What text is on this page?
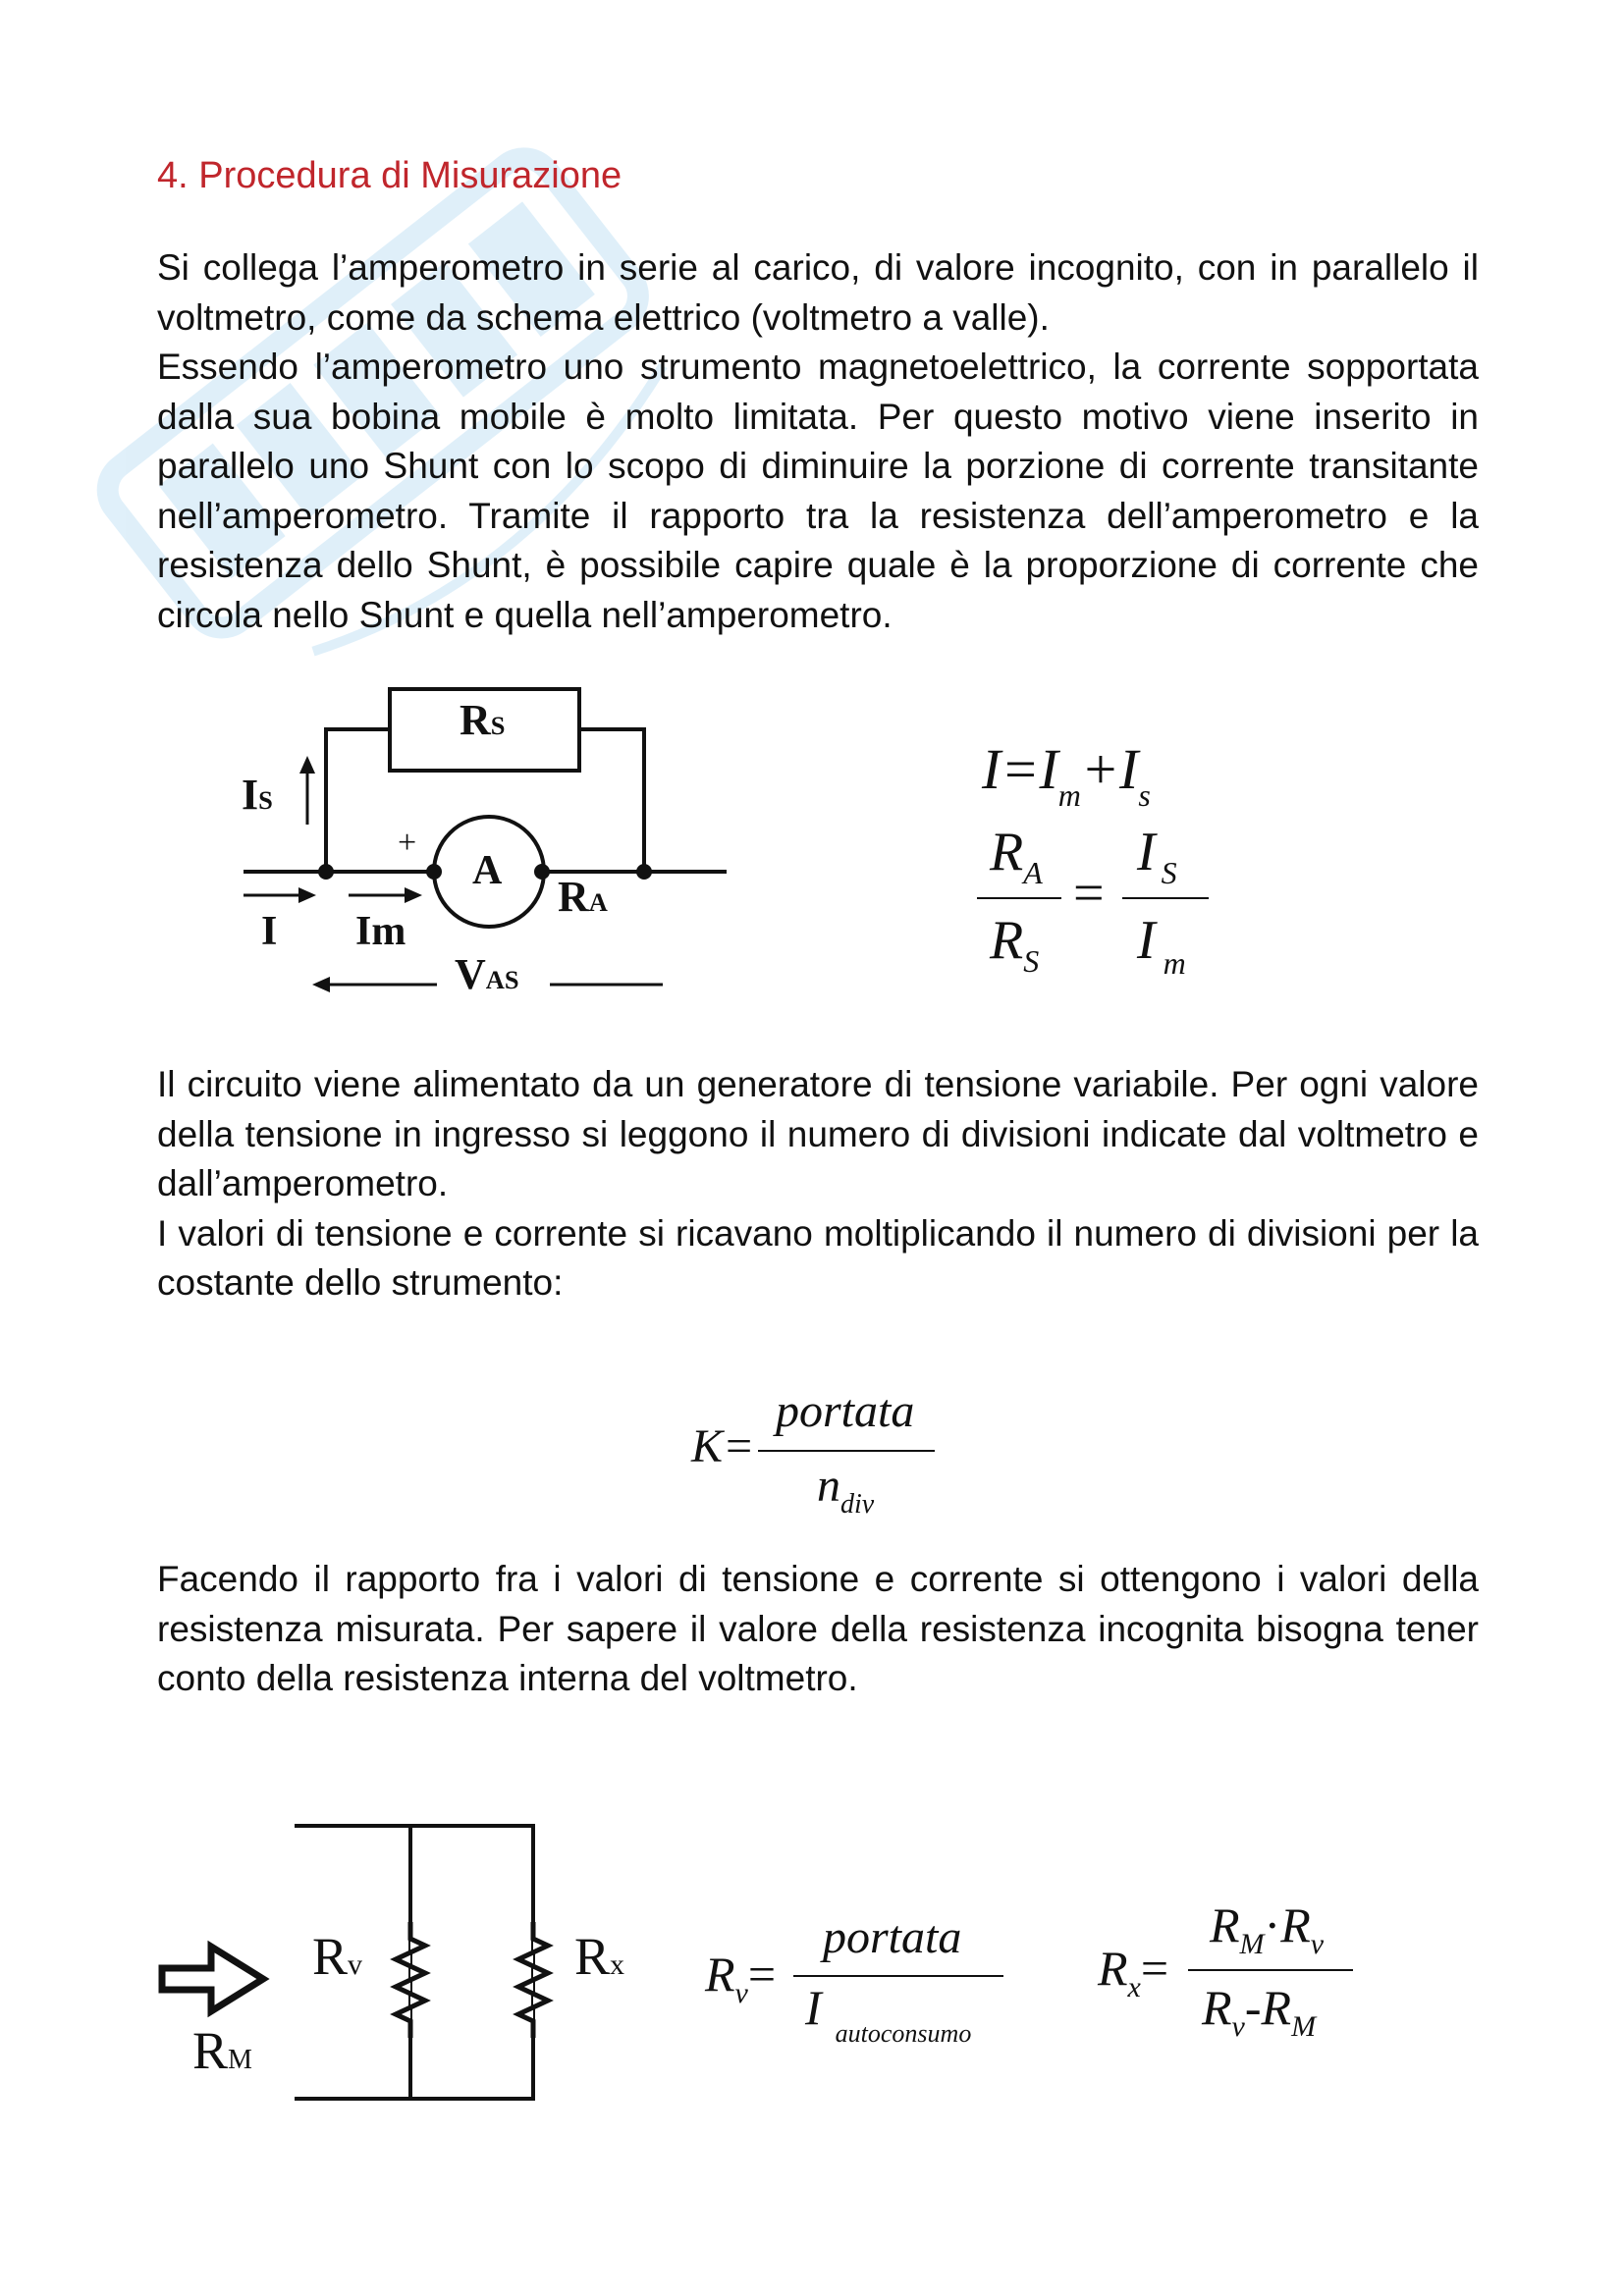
4. Procedura di Misurazione
Si collega l’amperometro in serie al carico, di valore incognito, con in parallelo il
voltmetro, come da schema elettrico (voltmetro a valle).
Essendo l’amperometro uno strumento magnetoelettrico, la corrente sopportata
dalla sua bobina mobile è molto limitata. Per questo motivo viene inserito in
parallelo uno Shunt con lo scopo di diminuire la porzione di corrente transitante
nell’amperometro. Tramite il rapporto tra la resistenza dell’amperometro e la
resistenza dello Shunt, è possibile capire quale è la proporzione di corrente che
circola nello Shunt e quella nell’amperometro.
RS
IS
+
A
RA
I Im
VAS
$I=I_m+I_s$
$R_A$
$R_S$
=
I $_S$
I $_m$
Il circuito viene alimentato da un generatore di tensione variabile. Per ogni valore
della tensione in ingresso si leggono il numero di divisioni indicate dal voltmetro e
dall’amperometro.
I valori di tensione e corrente si ricavano moltiplicando il numero di divisioni per la
costante dello strumento:
K=
portata
$n_{div}$
Facendo il rapporto fra i valori di tensione e corrente si ottengono i valori della
resistenza misurata. Per sapere il valore della resistenza incognita bisogna tener
conto della resistenza interna del voltmetro.
Rv	Rx
RM
$R_v=$
portata
I $_{autoconsumo}$
$R_x=$
$R_M\cdot R_v$
$R_v-R_M$
